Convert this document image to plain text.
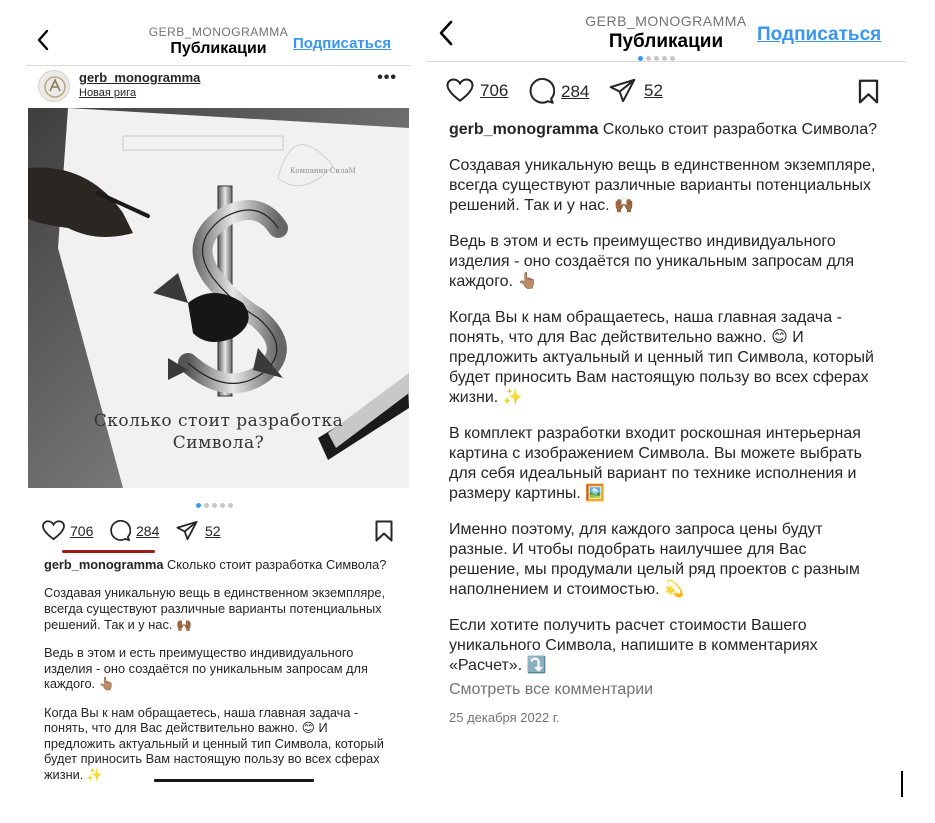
GERB_MONOGRAMMA
Публикации	Подписаться
gerb_monogramma
Новая рига
•••
Сколько стоит разработка
Символа?
Компания СилаМ
706	284	52

gerb_monogramma Сколько стоит разработка Символа?

Создавая уникальную вещь в единственном экземпляре, всегда существуют различные варианты потенциальных решений. Так и у нас. 🙌🏾

Ведь в этом и есть преимущество индивидуального изделия - оно создаётся по уникальным запросам для каждого. 👆🏽

Когда Вы к нам обращаетесь, наша главная задача - понять, что для Вас действительно важно. 😊 И предложить актуальный и ценный тип Символа, который будет приносить Вам настоящую пользу во всех сферах жизни. ✨

GERB_MONOGRAMMA
Публикации	Подписаться
706	284	52

gerb_monogramma Сколько стоит разработка Символа?

Создавая уникальную вещь в единственном экземпляре, всегда существуют различные варианты потенциальных решений. Так и у нас. 🙌🏾

Ведь в этом и есть преимущество индивидуального изделия - оно создаётся по уникальным запросам для каждого. 👆🏽

Когда Вы к нам обращаетесь, наша главная задача - понять, что для Вас действительно важно. 😊 И предложить актуальный и ценный тип Символа, который будет приносить Вам настоящую пользу во всех сферах жизни. ✨

В комплект разработки входит роскошная интерьерная картина с изображением Символа. Вы можете выбрать для себя идеальный вариант по технике исполнения и размеру картины. 🖼️

Именно поэтому, для каждого запроса цены будут разные. И чтобы подобрать наилучшее для Вас решение, мы продумали целый ряд проектов с разным наполнением и стоимостью. 💫

Если хотите получить расчет стоимости Вашего уникального Символа, напишите в комментариях «Расчет». ⤵️

Смотреть все комментарии
25 декабря 2022 г.
